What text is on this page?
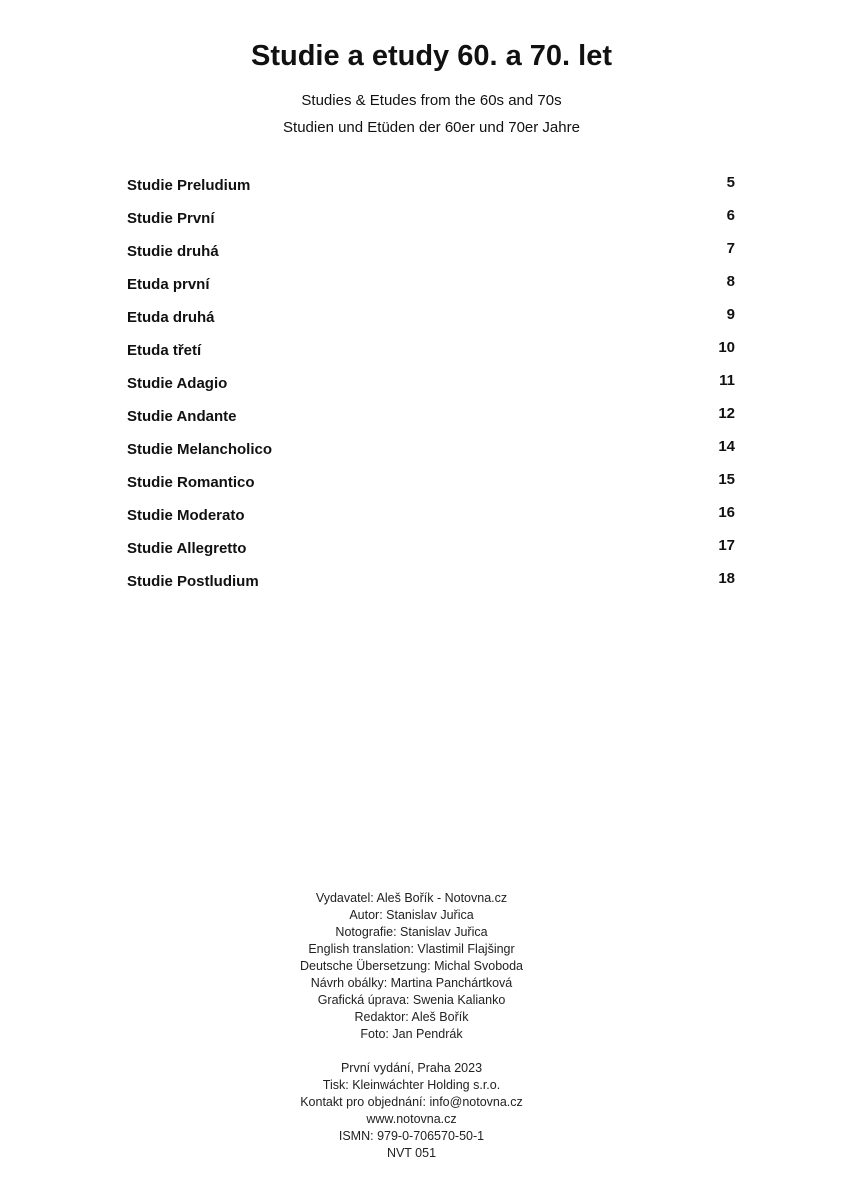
Studie a etudy 60. a 70. let

Studies & Etudes from the 60s and 70s

Studien und Etüden der 60er und 70er Jahre

Studie Preludium	5
Studie První	6
Studie druhá	7
Etuda první	8
Etuda druhá	9
Etuda třetí	10
Studie Adagio	11
Studie Andante	12
Studie Melancholico	14
Studie Romantico	15
Studie Moderato	16
Studie Allegretto	17
Studie Postludium	18
Vydavatel: Aleš Bořík - Notovna.cz
Autor: Stanislav Juřica
Notografie: Stanislav Juřica
English translation: Vlastimil Flajšingr
Deutsche Übersetzung: Michal Svoboda
Návrh obálky: Martina Panchártková
Grafická úprava: Swenia Kalianko
Redaktor: Aleš Bořík
Foto: Jan Pendrák
První vydání, Praha 2023
Tisk: Kleinwáchter Holding s.r.o.
Kontakt pro objednání: info@notovna.cz
www.notovna.cz
ISMN: 979-0-706570-50-1
NVT 051
